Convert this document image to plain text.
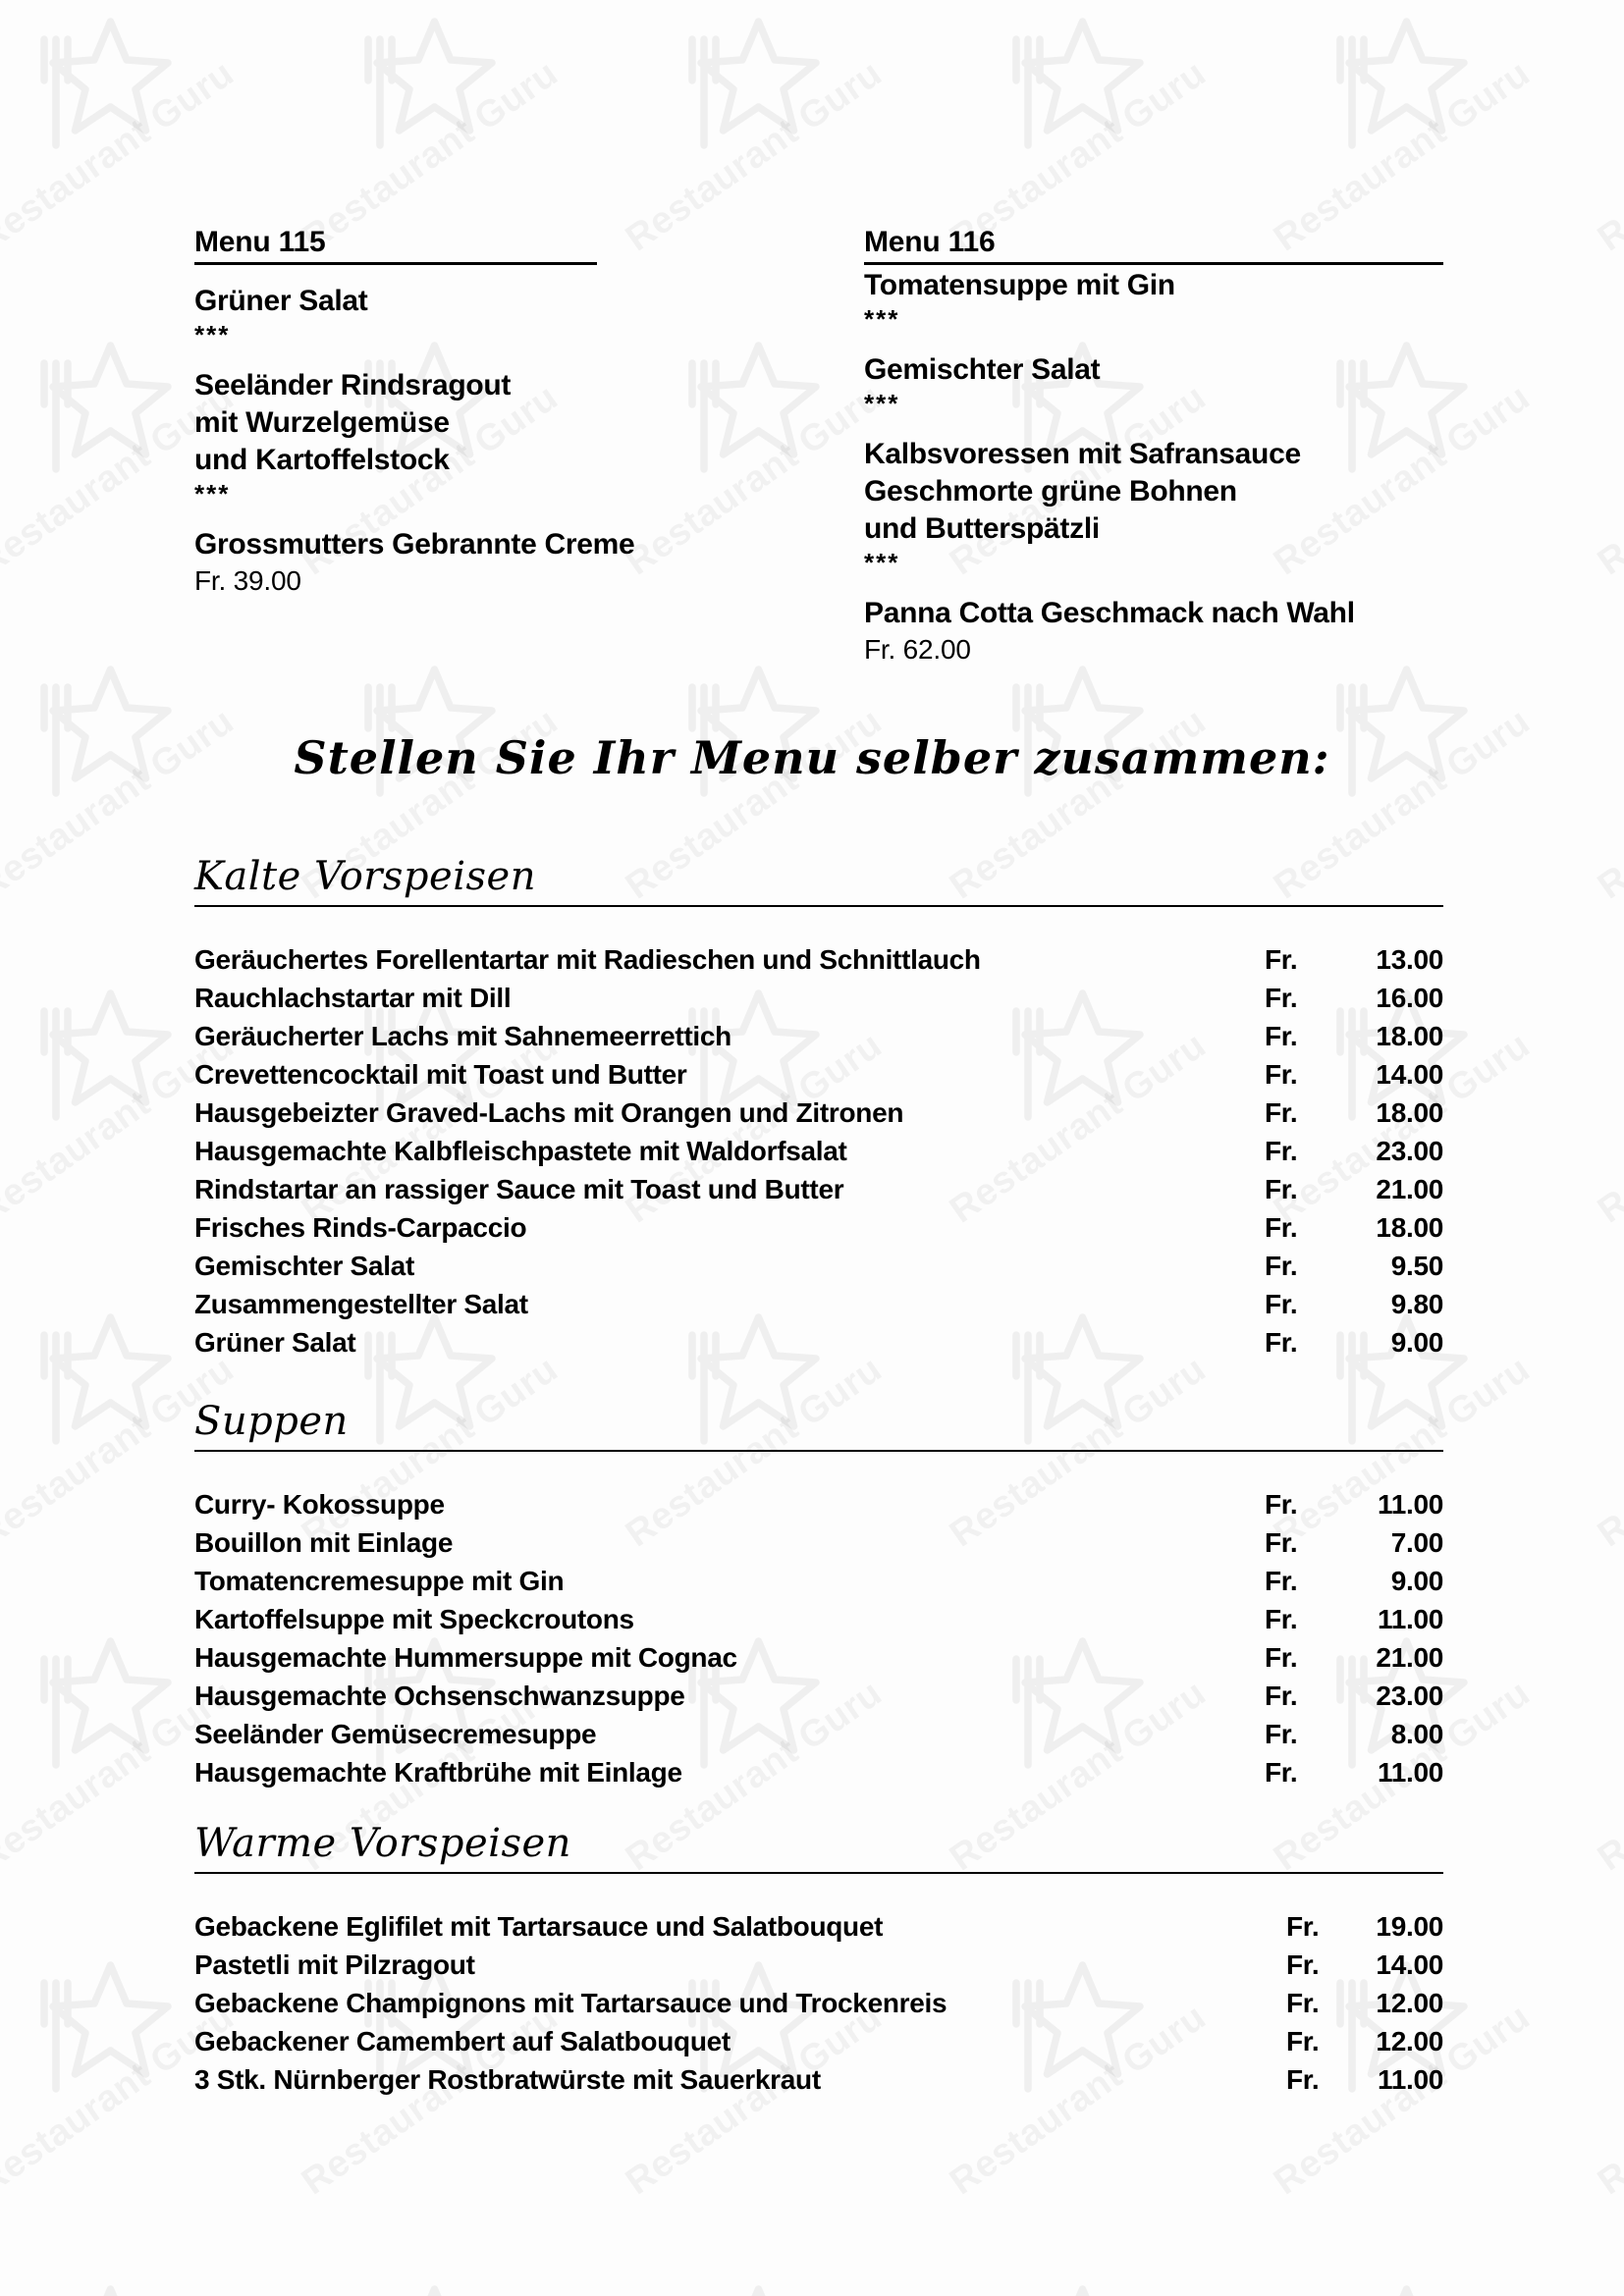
Menu 115
Grüner Salat
***
Seeländer Rindsragout
mit Wurzelgemüse
und Kartoffelstock
***
Grossmutters Gebrannte Creme
Fr. 39.00
Menu 116
Tomatensuppe mit Gin
***
Gemischter Salat
***
Kalbsvoressen mit Safransauce
Geschmorte grüne Bohnen
und Butterspätzli
***
Panna Cotta Geschmack nach Wahl
Fr. 62.00
Stellen Sie Ihr Menu selber zusammen:
Kalte Vorspeisen
Geräuchertes Forellentartar mit Radieschen und Schnittlauch	Fr.	13.00
Rauchlachstartar mit Dill	Fr.	16.00
Geräucherter Lachs mit Sahnemeerrettich	Fr.	18.00
Crevettencocktail mit Toast und Butter	Fr.	14.00
Hausgebeizter Graved-Lachs mit Orangen und Zitronen	Fr.	18.00
Hausgemachte Kalbfleischpastete mit Waldorfsalat	Fr.	23.00
Rindstartar an rassiger Sauce mit Toast und Butter	Fr.	21.00
Frisches Rinds-Carpaccio	Fr.	18.00
Gemischter Salat	Fr.	9.50
Zusammengestellter Salat	Fr.	9.80
Grüner Salat	Fr.	9.00
Suppen
Curry- Kokossuppe	Fr.	11.00
Bouillon mit Einlage	Fr.	7.00
Tomatencremesuppe mit Gin	Fr.	9.00
Kartoffelsuppe mit Speckcroutons	Fr.	11.00
Hausgemachte Hummersuppe mit Cognac	Fr.	21.00
Hausgemachte Ochsenschwanzsuppe	Fr.	23.00
Seeländer Gemüsecremesuppe	Fr.	8.00
Hausgemachte Kraftbrühe mit Einlage	Fr.	11.00
Warme Vorspeisen
Gebackene Eglifilet mit Tartarsauce und Salatbouquet	Fr.	19.00
Pastetli mit Pilzragout	Fr.	14.00
Gebackene Champignons mit Tartarsauce und Trockenreis	Fr.	12.00
Gebackener Camembert auf Salatbouquet	Fr.	12.00
3 Stk. Nürnberger Rostbratwürste mit Sauerkraut	Fr.	11.00
